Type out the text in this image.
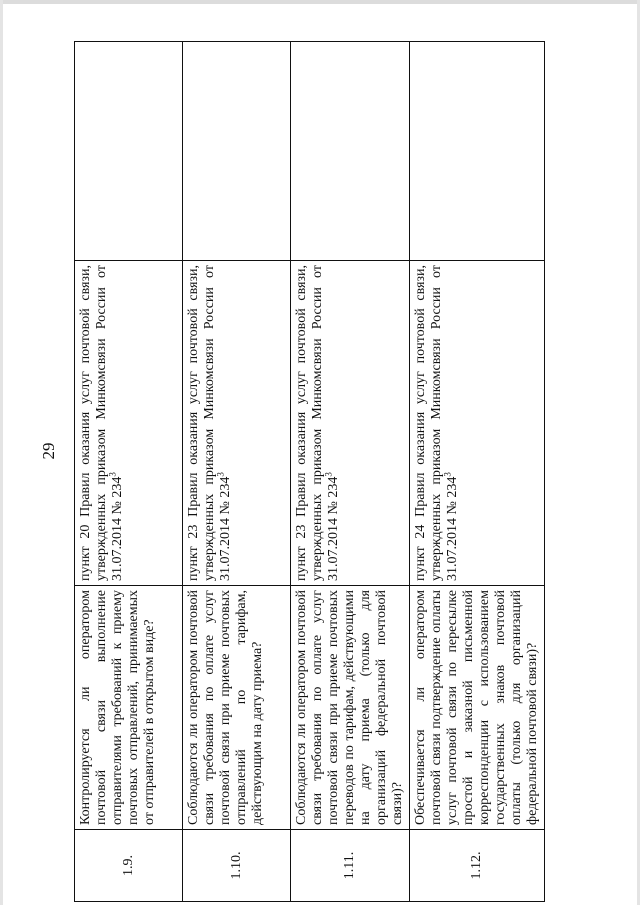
29
1.9.	Контролируется ли оператором почтовой связи выполнение отправителями требований к приему почтовых отправлений, принимаемых от отправителей в открытом виде?	пункт 20 Правил оказания услуг почтовой связи, утвержденных приказом Минкомсвязи России от 31.07.2014 № $234^3$	
1.10.	Соблюдаются ли оператором почтовой связи требования по оплате услуг почтовой связи при приеме почтовых отправлений по тарифам, действующим на дату приема?	пункт 23 Правил оказания услуг почтовой связи, утвержденных приказом Минкомсвязи России от 31.07.2014 № $234^3$	
1.11.	Соблюдаются ли оператором почтовой связи требования по оплате услуг почтовой связи при приеме почтовых переводов по тарифам, действующими на дату приема (только для организаций федеральной почтовой связи)?	пункт 23 Правил оказания услуг почтовой связи, утвержденных приказом Минкомсвязи России от 31.07.2014 № $234^3$	
1.12.	Обеспечивается ли оператором почтовой связи подтверждение оплаты услуг почтовой связи по пересылке простой и заказной письменной корреспонденции с использованием государственных знаков почтовой оплаты (только для организаций федеральной почтовой связи)?	пункт 24 Правил оказания услуг почтовой связи, утвержденных приказом Минкомсвязи России от 31.07.2014 № $234^3$	
